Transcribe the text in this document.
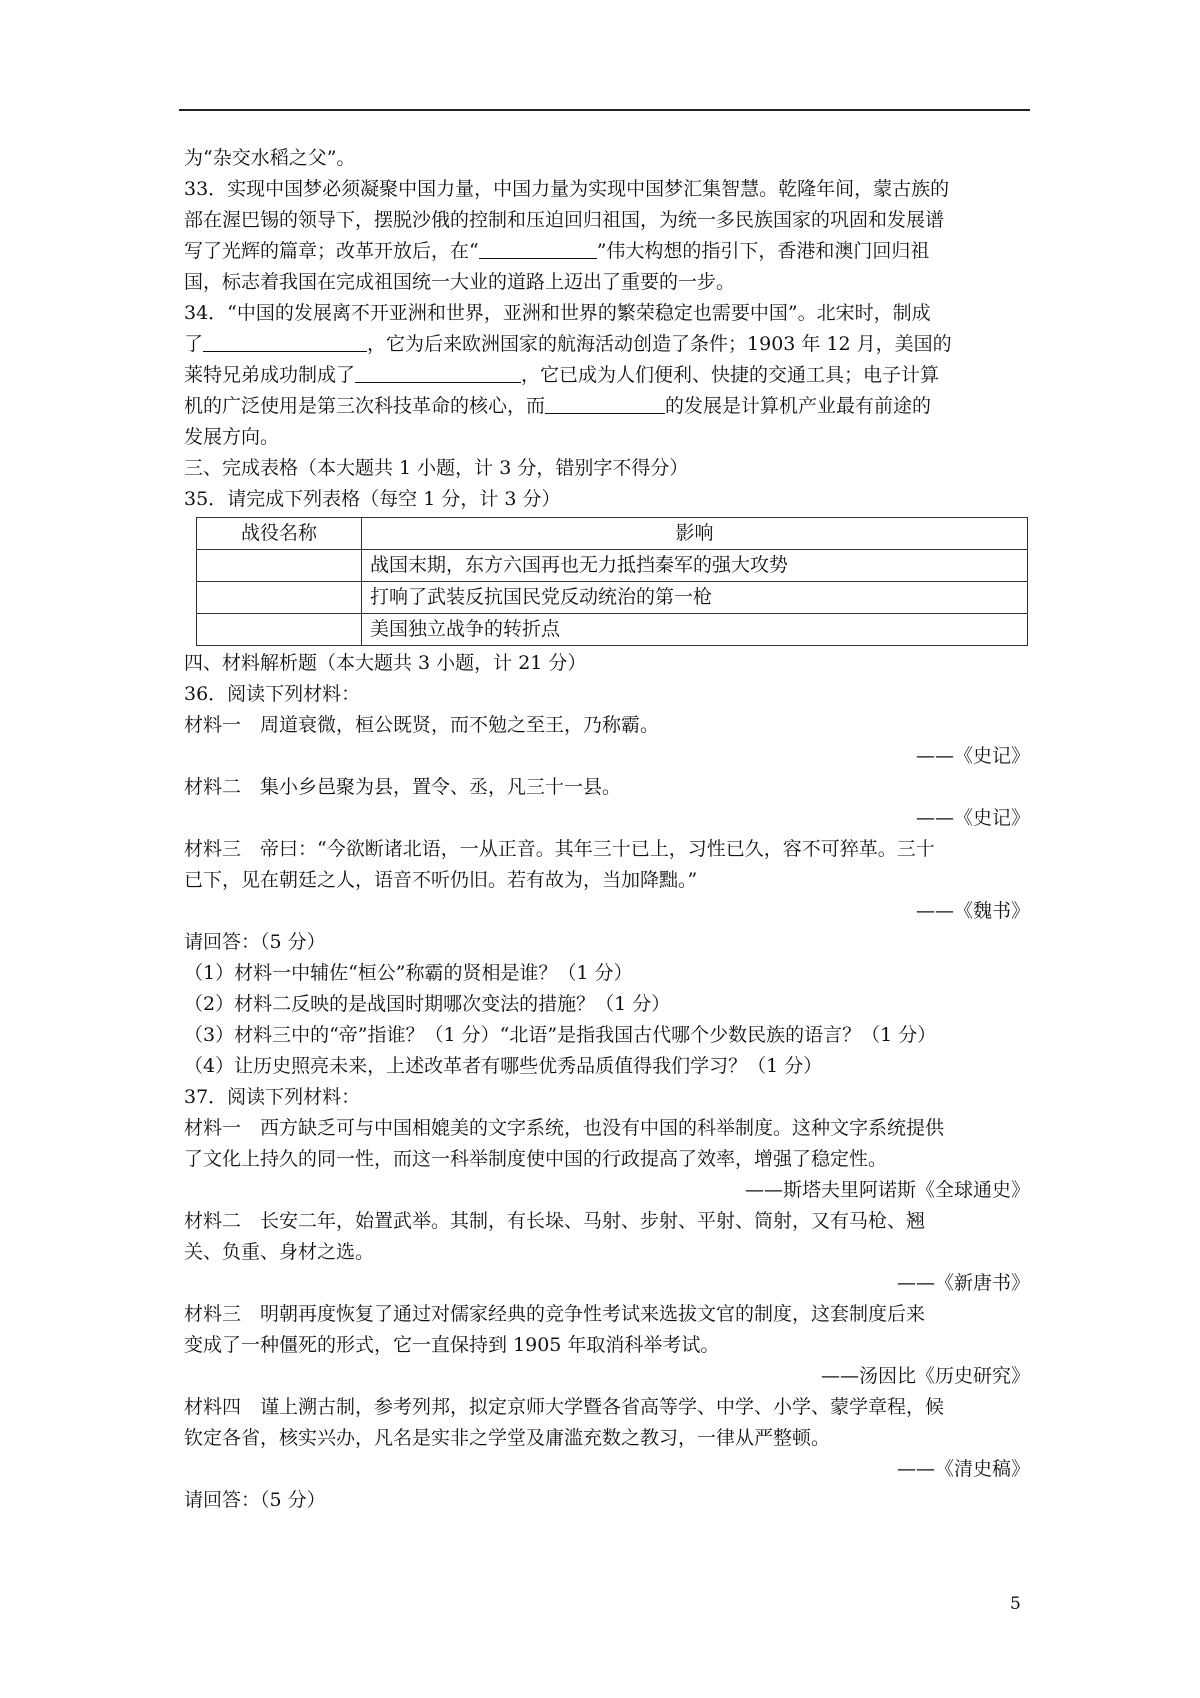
为“杂交水稻之父”。
33．实现中国梦必须凝聚中国力量，中国力量为实现中国梦汇集智慧。乾隆年间，蒙古族的
部在渥巴锡的领导下，摆脱沙俄的控制和压迫回归祖国，为统一多民族国家的巩固和发展谱
写了光辉的篇章；改革开放后，在“	”伟大构想的指引下，香港和澳门回归祖
国，标志着我国在完成祖国统一大业的道路上迈出了重要的一步。
34．“中国的发展离不开亚洲和世界，亚洲和世界的繁荣稳定也需要中国”。北宋时，制成
了	，它为后来欧洲国家的航海活动创造了条件；1903 年 12 月，美国的
莱特兄弟成功制成了	，它已成为人们便利、快捷的交通工具；电子计算
机的广泛使用是第三次科技革命的核心，而	的发展是计算机产业最有前途的
发展方向。
三、完成表格（本大题共 1 小题，计 3 分，错别字不得分）
35．请完成下列表格（每空 1 分，计 3 分）
战役名称	影响
	战国末期，东方六国再也无力抵挡秦军的强大攻势
	打响了武装反抗国民党反动统治的第一枪
	美国独立战争的转折点
四、材料解析题（本大题共 3 小题，计 21 分）
36．阅读下列材料：
材料一　周道衰微，桓公既贤，而不勉之至王，乃称霸。
——《史记》
材料二　集小乡邑聚为县，置令、丞，凡三十一县。
——《史记》
材料三　帝曰：“今欲断诸北语，一从正音。其年三十已上，习性已久，容不可猝革。三十
已下，见在朝廷之人，语音不听仍旧。若有故为，当加降黜。”
——《魏书》
请回答：（5 分）
（1）材料一中辅佐“桓公”称霸的贤相是谁？（1 分）
（2）材料二反映的是战国时期哪次变法的措施？（1 分）
（3）材料三中的“帝”指谁？（1 分）“北语”是指我国古代哪个少数民族的语言？（1 分）
（4）让历史照亮未来，上述改革者有哪些优秀品质值得我们学习？（1 分）
37．阅读下列材料：
材料一　西方缺乏可与中国相媲美的文字系统，也没有中国的科举制度。这种文字系统提供
了文化上持久的同一性，而这一科举制度使中国的行政提高了效率，增强了稳定性。
——斯塔夫里阿诺斯《全球通史》
材料二　长安二年，始置武举。其制，有长垛、马射、步射、平射、筒射，又有马枪、翘
关、负重、身材之选。
——《新唐书》
材料三　明朝再度恢复了通过对儒家经典的竞争性考试来选拔文官的制度，这套制度后来
变成了一种僵死的形式，它一直保持到 1905 年取消科举考试。
——汤因比《历史研究》
材料四　谨上溯古制，参考列邦，拟定京师大学暨各省高等学、中学、小学、蒙学章程，候
钦定各省，核实兴办，凡名是实非之学堂及庸滥充数之教习，一律从严整顿。
——《清史稿》
请回答：（5 分）
5
